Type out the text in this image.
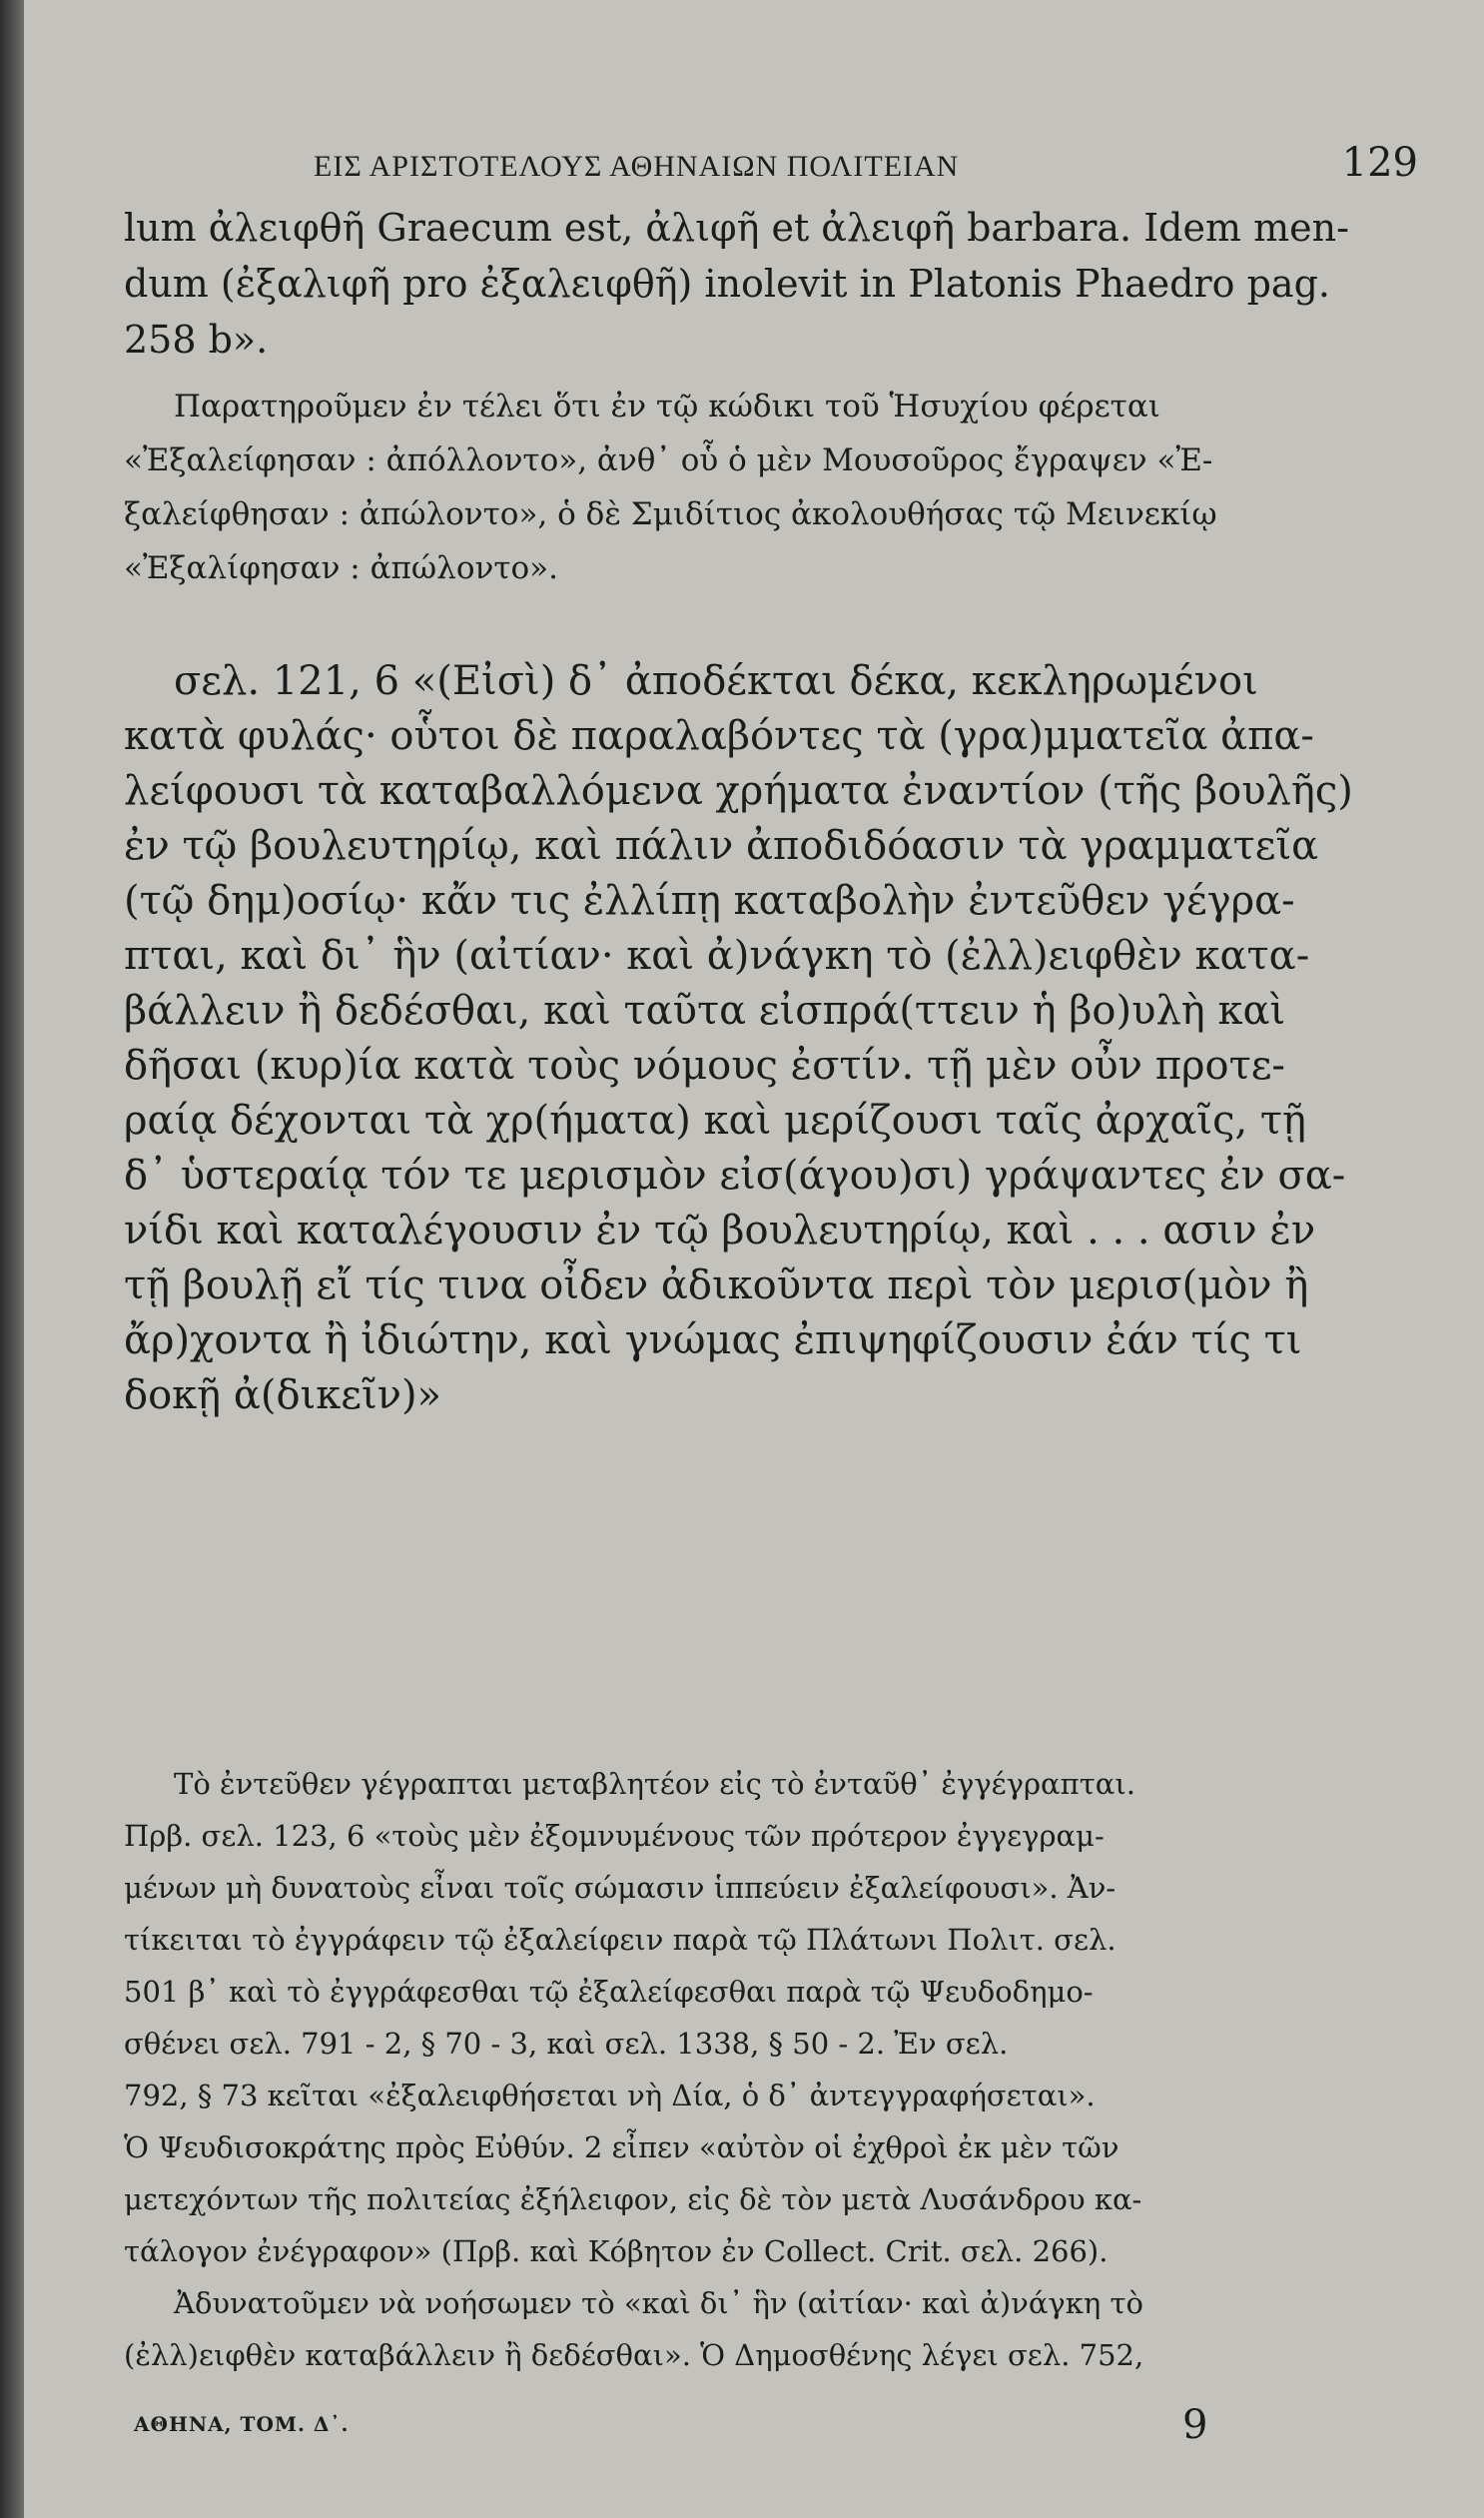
ΕΙΣ ΑΡΙΣΤΟΤΕΛΟΥΣ ΑΘΗΝΑΙΩΝ ΠΟΛΙΤΕΙΑΝ	129
lum ἀλειφθῆ Graecum est, ἀλιφῆ et ἀλειφῆ barbara. Idem men-
dum (ἐξαλιφῆ pro ἐξαλειφθῆ) inolevit in Platonis Phaedro pag.
258 b».
Παρατηροῦμεν ἐν τέλει ὅτι ἐν τῷ κώδικι τοῦ Ἡσυχίου φέρεται
«Ἐξαλείφησαν : ἀπόλλοντο», ἀνθ᾽ οὗ ὁ μὲν Μουσοῦρος ἔγραψεν «Ἐ-
ξαλείφθησαν : ἀπώλοντο», ὁ δὲ Σμιδίτιος ἀκολουθήσας τῷ Μεινεκίῳ
«Ἐξαλίφησαν : ἀπώλοντο».
σελ. 121, 6 «(Εἰσὶ) δ᾽ ἀποδέκται δέκα, κεκληρωμένοι
κατὰ φυλάς· οὗτοι δὲ παραλαβόντες τὰ (γρα)μματεῖα ἀπα-
λείφουσι τὰ καταβαλλόμενα χρήματα ἐναντίον (τῆς βουλῆς)
ἐν τῷ βουλευτηρίῳ, καὶ πάλιν ἀποδιδόασιν τὰ γραμματεῖα
(τῷ δημ)οσίῳ· κἄν τις ἐλλίπῃ καταβολὴν ἐντεῦθεν γέγρα-
πται, καὶ δι᾽ ἣν (αἰτίαν· καὶ ἀ)νάγκη τὸ (ἐλλ)ειφθὲν κατα-
βάλλειν ἢ δεδέσθαι, καὶ ταῦτα εἰσπρά(ττειν ἡ βο)υλὴ καὶ
δῆσαι (κυρ)ία κατὰ τοὺς νόμους ἐστίν. τῇ μὲν οὖν προτε-
ραίᾳ δέχονται τὰ χρ(ήματα) καὶ μερίζουσι ταῖς ἀρχαῖς, τῇ
δ᾽ ὑστεραίᾳ τόν τε μερισμὸν εἰσ(άγου)σι) γράψαντες ἐν σα-
νίδι καὶ καταλέγουσιν ἐν τῷ βουλευτηρίῳ, καὶ . . . ασιν ἐν
τῇ βουλῇ εἴ τίς τινα οἶδεν ἀδικοῦντα περὶ τὸν μερισ(μὸν ἢ
ἄρ)χοντα ἢ ἰδιώτην, καὶ γνώμας ἐπιψηφίζουσιν ἐάν τίς τι
δοκῇ ἀ(δικεῖν)»
Τὸ ἐντεῦθεν γέγραπται μεταβλητέον εἰς τὸ ἐνταῦθ᾽ ἐγγέγραπται.
Πρβ. σελ. 123, 6 «τοὺς μὲν ἐξομνυμένους τῶν πρότερον ἐγγεγραμ-
μένων μὴ δυνατοὺς εἶναι τοῖς σώμασιν ἱππεύειν ἐξαλείφουσι». Ἀν-
τίκειται τὸ ἐγγράφειν τῷ ἐξαλείφειν παρὰ τῷ Πλάτωνι Πολιτ. σελ.
501 β᾽ καὶ τὸ ἐγγράφεσθαι τῷ ἐξαλείφεσθαι παρὰ τῷ Ψευδοδημο-
σθένει σελ. 791 - 2, § 70 - 3, καὶ σελ. 1338, § 50 - 2. Ἐν σελ.
792, § 73 κεῖται «ἐξαλειφθήσεται νὴ Δία, ὁ δ᾽ ἀντεγγραφήσεται».
Ὁ Ψευδισοκράτης πρὸς Εὐθύν. 2 εἶπεν «αὐτὸν οἱ ἐχθροὶ ἐκ μὲν τῶν
μετεχόντων τῆς πολιτείας ἐξήλειφον, εἰς δὲ τὸν μετὰ Λυσάνδρου κα-
τάλογον ἐνέγραφον» (Πρβ. καὶ Κόβητον ἐν Collect. Crit. σελ. 266).
Ἀδυνατοῦμεν νὰ νοήσωμεν τὸ «καὶ δι᾽ ἣν (αἰτίαν· καὶ ἀ)νάγκη τὸ
(ἐλλ)ειφθὲν καταβάλλειν ἢ δεδέσθαι». Ὁ Δημοσθένης λέγει σελ. 752,
ΑΘΗΝΑ, ΤΟΜ. Δ᾽.	9
